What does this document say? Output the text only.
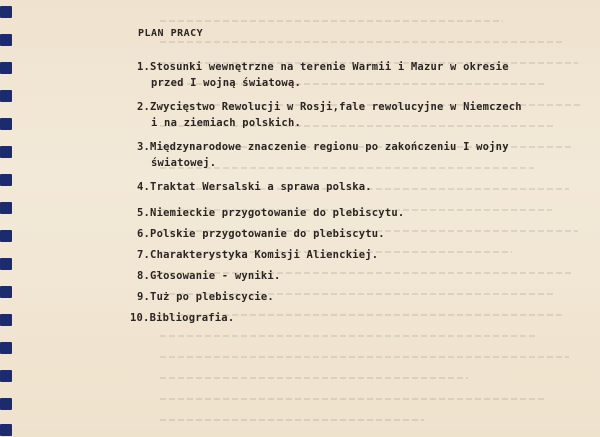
PLAN PRACY
1.Stosunki wewnętrzne na terenie Warmii i Mazur w okresie
przed I wojną światową.
2.Zwycięstwo Rewolucji w Rosji,fale rewolucyjne w Niemczech
i na ziemiach polskich.
3.Międzynarodowe znaczenie regionu po zakończeniu I wojny
światowej.
4.Traktat Wersalski a sprawa polska.
5.Niemieckie przygotowanie do plebiscytu.
6.Polskie przygotowanie do plebiscytu.
7.Charakterystyka Komisji Alienckiej.
8.Głosowanie - wyniki.
9.Tuż po plebiscycie.
10.Bibliografia.
